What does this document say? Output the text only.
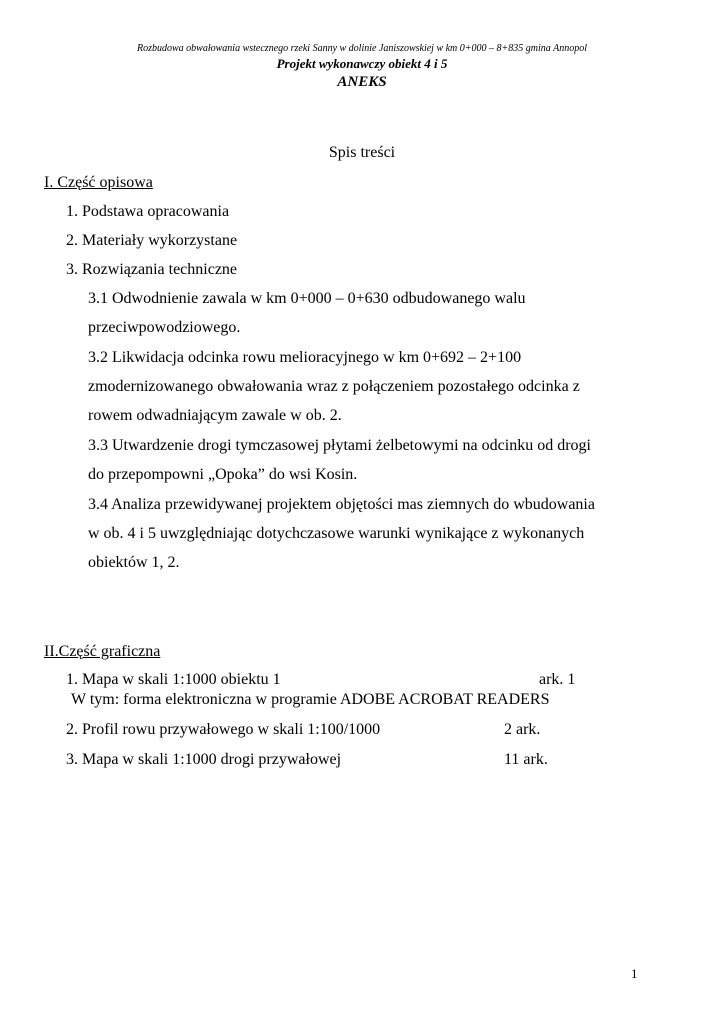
Rozbudowa obwałowania wstecznego rzeki Sanny w dolinie Janiszowskiej w km 0+000 – 8+835 gmina Annopol
Projekt wykonawczy obiekt 4 i 5
ANEKS
Spis treści
I. Część opisowa
1. Podstawa opracowania
2. Materiały wykorzystane
3. Rozwiązania techniczne
3.1 Odwodnienie zawala w km 0+000 – 0+630 odbudowanego walu
przeciwpowodziowego.
3.2 Likwidacja odcinka rowu melioracyjnego w km 0+692 – 2+100
zmodernizowanego obwałowania wraz z połączeniem pozostałego odcinka z
rowem odwadniającym zawale w ob. 2.
3.3 Utwardzenie drogi tymczasowej płytami żelbetowymi na odcinku od drogi
do przepompowni „Opoka” do wsi Kosin.
3.4 Analiza przewidywanej projektem objętości mas ziemnych do wbudowania
w ob. 4 i 5 uwzględniając dotychczasowe warunki wynikające z wykonanych
obiektów 1, 2.
II.Część graficzna
1. Mapa w skali 1:1000 obiektu 1	ark. 1
W tym: forma elektroniczna w programie ADOBE ACROBAT READERS
2. Profil rowu przywałowego w skali 1:100/1000	2 ark.
3. Mapa w skali 1:1000 drogi przywałowej	11 ark.
1
